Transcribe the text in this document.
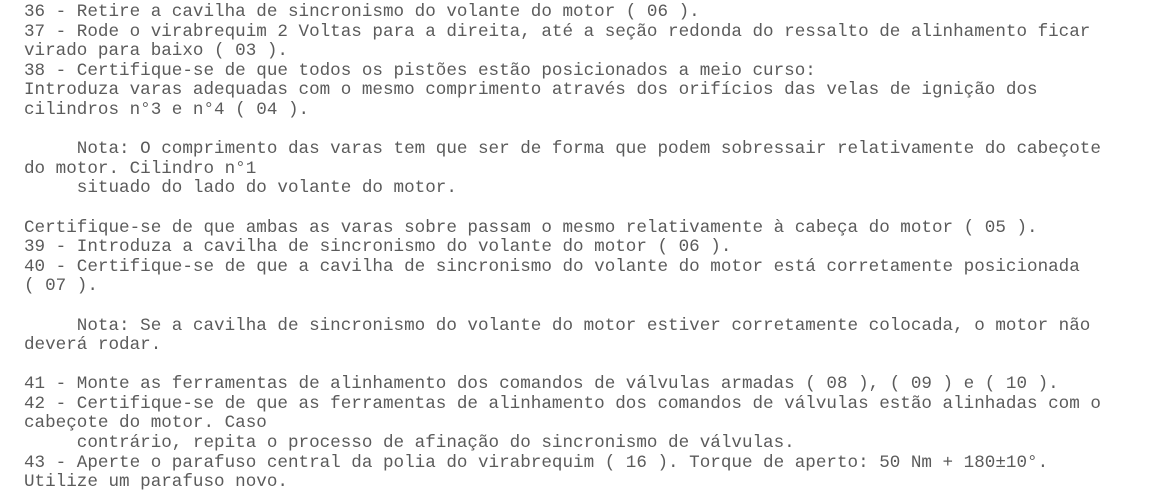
36 - Retire a cavilha de sincronismo do volante do motor ( 06 ).
37 - Rode o virabrequim 2 Voltas para a direita, até a seção redonda do ressalto de alinhamento ficar
virado para baixo ( 03 ).
38 - Certifique-se de que todos os pistões estão posicionados a meio curso:
Introduza varas adequadas com o mesmo comprimento através dos orifícios das velas de ignição dos
cilindros n°3 e n°4 ( 04 ).
Nota: O comprimento das varas tem que ser de forma que podem sobressair relativamente do cabeçote
do motor. Cilindro n°1
situado do lado do volante do motor.
Certifique-se de que ambas as varas sobre passam o mesmo relativamente à cabeça do motor ( 05 ).
39 - Introduza a cavilha de sincronismo do volante do motor ( 06 ).
40 - Certifique-se de que a cavilha de sincronismo do volante do motor está corretamente posicionada
( 07 ).
Nota: Se a cavilha de sincronismo do volante do motor estiver corretamente colocada, o motor não
deverá rodar.
41 - Monte as ferramentas de alinhamento dos comandos de válvulas armadas ( 08 ), ( 09 ) e ( 10 ).
42 - Certifique-se de que as ferramentas de alinhamento dos comandos de válvulas estão alinhadas com o
cabeçote do motor. Caso
contrário, repita o processo de afinação do sincronismo de válvulas.
43 - Aperte o parafuso central da polia do virabrequim ( 16 ). Torque de aperto: 50 Nm + 180±10°.
Utilize um parafuso novo.
